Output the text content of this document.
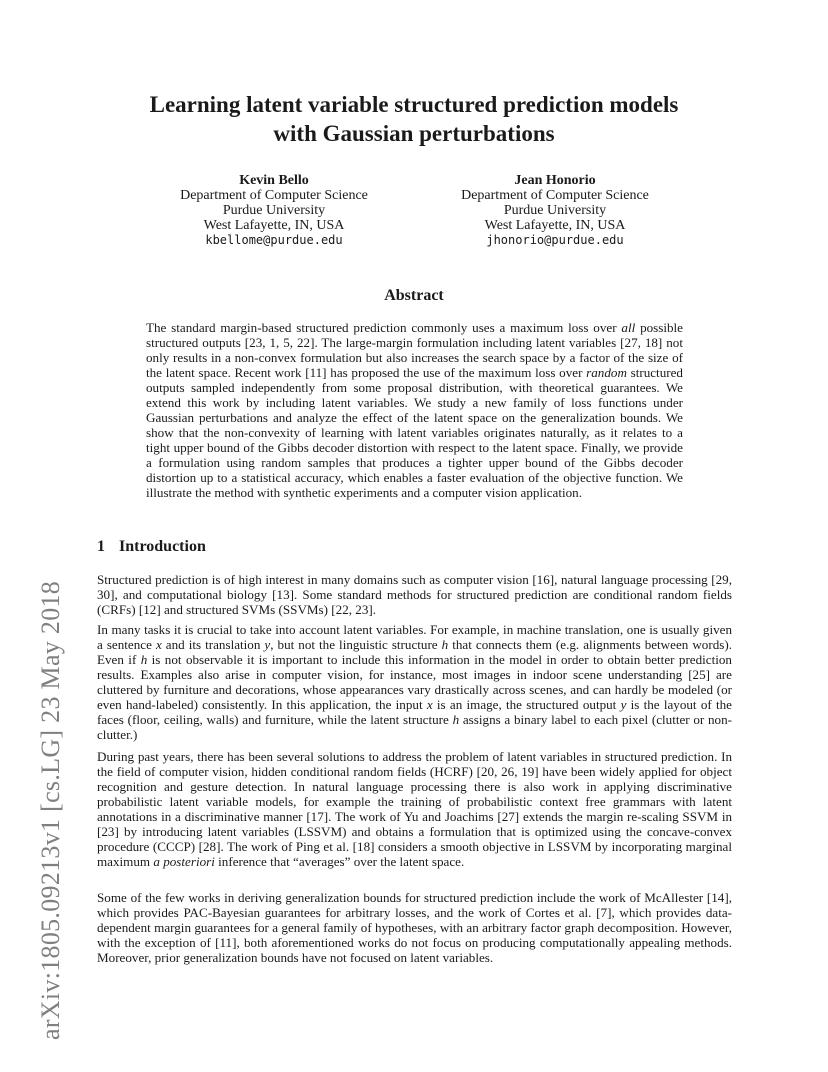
arXiv:1805.09213v1 [cs.LG] 23 May 2018
Learning latent variable structured prediction models
with Gaussian perturbations
Kevin Bello
Department of Computer Science
Purdue University
West Lafayette, IN, USA
kbellome@purdue.edu
Jean Honorio
Department of Computer Science
Purdue University
West Lafayette, IN, USA
jhonorio@purdue.edu
Abstract
The standard margin-based structured prediction commonly uses a maximum loss over all possible structured outputs [23, 1, 5, 22]. The large-margin formulation including latent variables [27, 18] not only results in a non-convex formulation but also increases the search space by a factor of the size of the latent space. Recent work [11] has proposed the use of the maximum loss over random structured outputs sampled independently from some proposal distribution, with theoretical guarantees. We extend this work by including latent variables. We study a new family of loss functions under Gaussian perturbations and analyze the effect of the latent space on the generalization bounds. We show that the non-convexity of learning with latent variables originates naturally, as it relates to a tight upper bound of the Gibbs decoder distortion with respect to the latent space. Finally, we provide a formulation using random samples that produces a tighter upper bound of the Gibbs decoder distortion up to a statistical accuracy, which enables a faster evaluation of the objective function. We illustrate the method with synthetic experiments and a computer vision application.
1 Introduction
Structured prediction is of high interest in many domains such as computer vision [16], natural language processing [29, 30], and computational biology [13]. Some standard methods for structured prediction are conditional random fields (CRFs) [12] and structured SVMs (SSVMs) [22, 23].
In many tasks it is crucial to take into account latent variables. For example, in machine translation, one is usually given a sentence x and its translation y, but not the linguistic structure h that connects them (e.g. alignments between words). Even if h is not observable it is important to include this information in the model in order to obtain better prediction results. Examples also arise in computer vision, for instance, most images in indoor scene understanding [25] are cluttered by furniture and decorations, whose appearances vary drastically across scenes, and can hardly be modeled (or even hand-labeled) consistently. In this application, the input x is an image, the structured output y is the layout of the faces (floor, ceiling, walls) and furniture, while the latent structure h assigns a binary label to each pixel (clutter or non-clutter.)
During past years, there has been several solutions to address the problem of latent variables in structured prediction. In the field of computer vision, hidden conditional random fields (HCRF) [20, 26, 19] have been widely applied for object recognition and gesture detection. In natural language processing there is also work in applying discriminative probabilistic latent variable models, for example the training of probabilistic context free grammars with latent annotations in a discriminative manner [17]. The work of Yu and Joachims [27] extends the margin re-scaling SSVM in [23] by introducing latent variables (LSSVM) and obtains a formulation that is optimized using the concave-convex procedure (CCCP) [28]. The work of Ping et al. [18] considers a smooth objective in LSSVM by incorporating marginal maximum a posteriori inference that “averages” over the latent space.
Some of the few works in deriving generalization bounds for structured prediction include the work of McAllester [14], which provides PAC-Bayesian guarantees for arbitrary losses, and the work of Cortes et al. [7], which provides data-dependent margin guarantees for a general family of hypotheses, with an arbitrary factor graph decomposition. However, with the exception of [11], both aforementioned works do not focus on producing computationally appealing methods. Moreover, prior generalization bounds have not focused on latent variables.
